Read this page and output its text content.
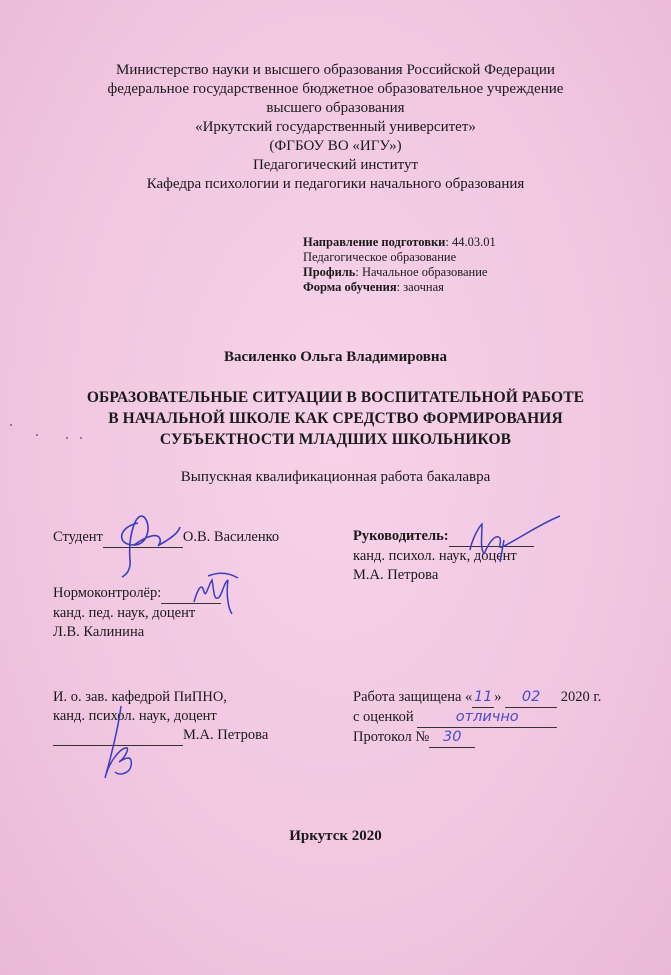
Министерство науки и высшего образования Российской Федерации
федеральное государственное бюджетное образовательное учреждение
высшего образования
«Иркутский государственный университет»
(ФГБОУ ВО «ИГУ»)
Педагогический институт
Кафедра психологии и педагогики начального образования
Направление подготовки: 44.03.01
Педагогическое образование
Профиль: Начальное образование
Форма обучения: заочная
Василенко Ольга Владимировна
ОБРАЗОВАТЕЛЬНЫЕ СИТУАЦИИ В ВОСПИТАТЕЛЬНОЙ РАБОТЕ
В НАЧАЛЬНОЙ ШКОЛЕ КАК СРЕДСТВО ФОРМИРОВАНИЯ
СУБЪЕКТНОСТИ МЛАДШИХ ШКОЛЬНИКОВ
Выпускная квалификационная работа бакалавра
Студент	О.В. Василенко	Руководитель:
канд. психол. наук, доцент
М.А. Петрова
Нормоконтролёр:
канд. пед. наук, доцент
Л.В. Калинина
И. о. зав. кафедрой ПиПНО,
канд. психол. наук, доцент
М.А. Петрова
Работа защищена « 11 » 02 2020 г.
с оценкой	отлично
Протокол № 30
Иркутск 2020
